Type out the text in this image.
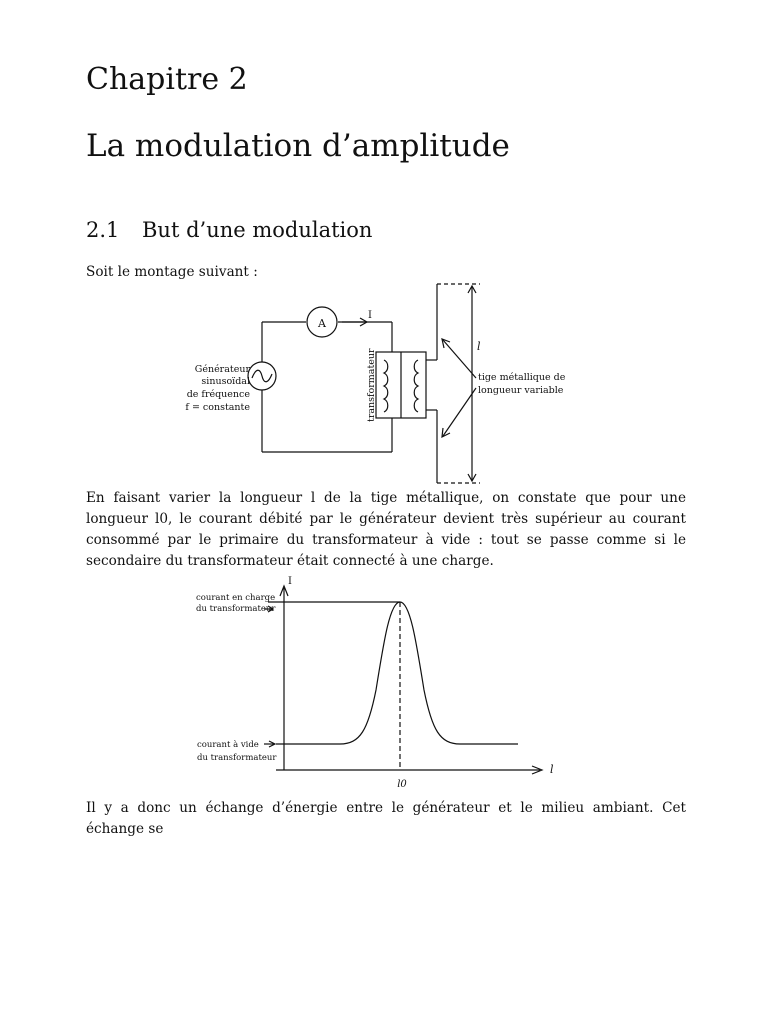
Chapitre 2
La modulation d’amplitude
2.1 But d’une modulation
Soit le montage suivant :
A
I
l
Générateur
sinusoïdal
de fréquence
f = constante	transformateur	tige métallique de
longueur variable
En faisant varier la longueur l de la tige métallique, on constate que pour une longueur l0, le courant débité par le générateur devient très supérieur au courant consommé par le primaire du transformateur à vide : tout se passe comme si le secondaire du transformateur était connecté à une charge.
I
l
l0
courant en charge
du transformateur
courant à vide
du transformateur
Il y a donc un échange d’énergie entre le générateur et le milieu ambiant. Cet échange se
